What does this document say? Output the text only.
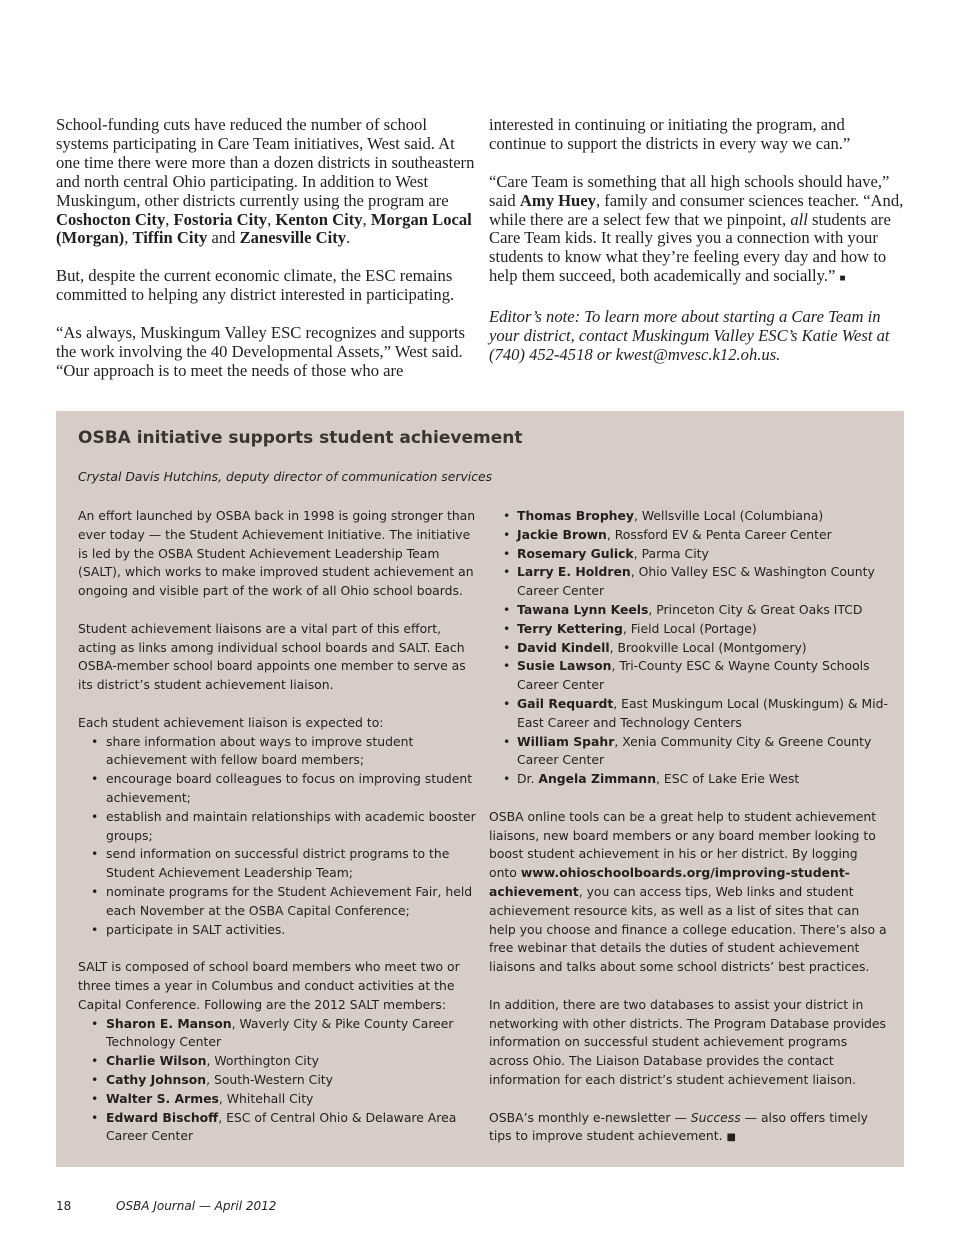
School-funding cuts have reduced the number of school systems participating in Care Team initiatives, West said. At one time there were more than a dozen districts in southeastern and north central Ohio participating. In addition to West Muskingum, other districts currently using the program are Coshocton City, Fostoria City, Kenton City, Morgan Local (Morgan), Tiffin City and Zanesville City.

But, despite the current economic climate, the ESC remains committed to helping any district interested in participating.

“As always, Muskingum Valley ESC recognizes and supports the work involving the 40 Developmental Assets,” West said. “Our approach is to meet the needs of those who are

interested in continuing or initiating the program, and continue to support the districts in every way we can.”

“Care Team is something that all high schools should have,” said Amy Huey, family and consumer sciences teacher. “And, while there are a select few that we pinpoint, all students are Care Team kids. It really gives you a connection with your students to know what they’re feeling every day and how to help them succeed, both academically and socially.” ■

Editor’s note: To learn more about starting a Care Team in your district, contact Muskingum Valley ESC’s Katie West at (740) 452-4518 or kwest@mvesc.k12.oh.us.

OSBA initiative supports student achievement
Crystal Davis Hutchins, deputy director of communication services

An effort launched by OSBA back in 1998 is going stronger than ever today — the Student Achievement Initiative. The initiative is led by the OSBA Student Achievement Leadership Team (SALT), which works to make improved student achievement an ongoing and visible part of the work of all Ohio school boards.

Student achievement liaisons are a vital part of this effort, acting as links among individual school boards and SALT. Each OSBA-member school board appoints one member to serve as its district’s student achievement liaison.

Each student achievement liaison is expected to:

• share information about ways to improve student achievement with fellow board members;
• encourage board colleagues to focus on improving student achievement;
• establish and maintain relationships with academic booster groups;
• send information on successful district programs to the Student Achievement Leadership Team;
• nominate programs for the Student Achievement Fair, held each November at the OSBA Capital Conference;
• participate in SALT activities.

SALT is composed of school board members who meet two or three times a year in Columbus and conduct activities at the Capital Conference. Following are the 2012 SALT members:

• Sharon E. Manson, Waverly City & Pike County Career Technology Center
• Charlie Wilson, Worthington City
• Cathy Johnson, South-Western City
• Walter S. Armes, Whitehall City
• Edward Bischoff, ESC of Central Ohio & Delaware Area Career Center
• Thomas Brophey, Wellsville Local (Columbiana)
• Jackie Brown, Rossford EV & Penta Career Center
• Rosemary Gulick, Parma City
• Larry E. Holdren, Ohio Valley ESC & Washington County Career Center
• Tawana Lynn Keels, Princeton City & Great Oaks ITCD
• Terry Kettering, Field Local (Portage)
• David Kindell, Brookville Local (Montgomery)
• Susie Lawson, Tri-County ESC & Wayne County Schools Career Center
• Gail Requardt, East Muskingum Local (Muskingum) & Mid-East Career and Technology Centers
• William Spahr, Xenia Community City & Greene County Career Center
• Dr. Angela Zimmann, ESC of Lake Erie West

OSBA online tools can be a great help to student achievement liaisons, new board members or any board member looking to boost student achievement in his or her district. By logging onto www.ohioschoolboards.org/improving-student-achievement, you can access tips, Web links and student achievement resource kits, as well as a list of sites that can help you choose and finance a college education. There’s also a free webinar that details the duties of student achievement liaisons and talks about some school districts’ best practices.

In addition, there are two databases to assist your district in networking with other districts. The Program Database provides information on successful student achievement programs across Ohio. The Liaison Database provides the contact information for each district’s student achievement liaison.

OSBA’s monthly e-newsletter — Success — also offers timely tips to improve student achievement. ■

18	OSBA Journal — April 2012
